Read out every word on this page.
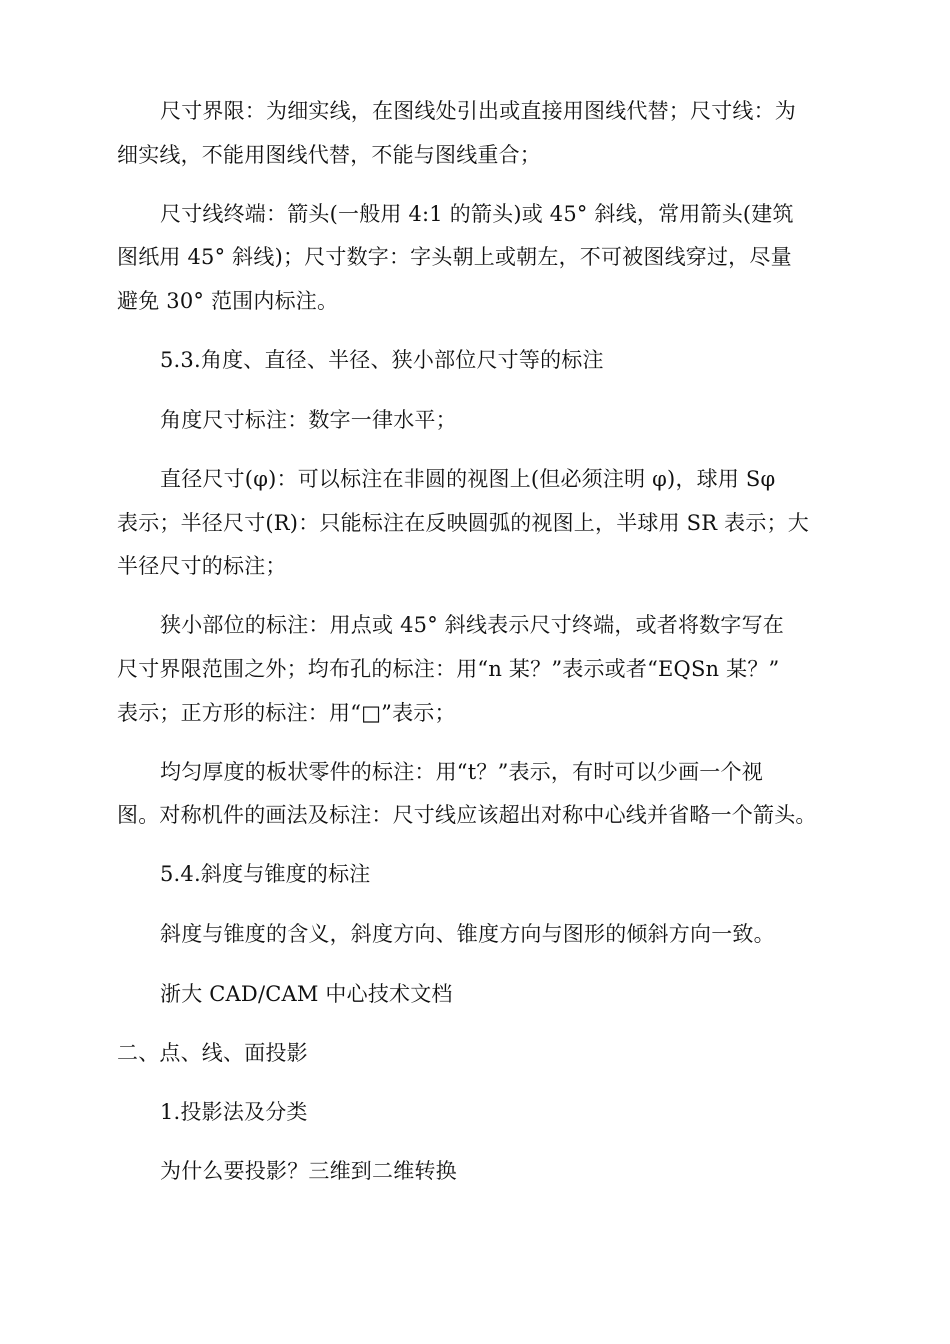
尺寸界限：为细实线，在图线处引出或直接用图线代替；尺寸线：为
细实线，不能用图线代替，不能与图线重合；
尺寸线终端：箭头(一般用 4:1 的箭头)或 45° 斜线，常用箭头(建筑
图纸用 45° 斜线)；尺寸数字：字头朝上或朝左，不可被图线穿过，尽量
避免 30° 范围内标注。
5.3.角度、直径、半径、狭小部位尺寸等的标注
角度尺寸标注：数字一律水平；
直径尺寸(φ)：可以标注在非圆的视图上(但必须注明 φ)，球用 Sφ
表示；半径尺寸(R)：只能标注在反映圆弧的视图上，半球用 SR 表示；大
半径尺寸的标注；
狭小部位的标注：用点或 45° 斜线表示尺寸终端，或者将数字写在
尺寸界限范围之外；均布孔的标注：用“n 某？”表示或者“EQSn 某？”
表示；正方形的标注：用“□”表示；
均匀厚度的板状零件的标注：用“t？”表示，有时可以少画一个视
图。对称机件的画法及标注：尺寸线应该超出对称中心线并省略一个箭头。
5.4.斜度与锥度的标注
斜度与锥度的含义，斜度方向、锥度方向与图形的倾斜方向一致。
浙大 CAD/CAM 中心技术文档
二、点、线、面投影
1.投影法及分类
为什么要投影？三维到二维转换
